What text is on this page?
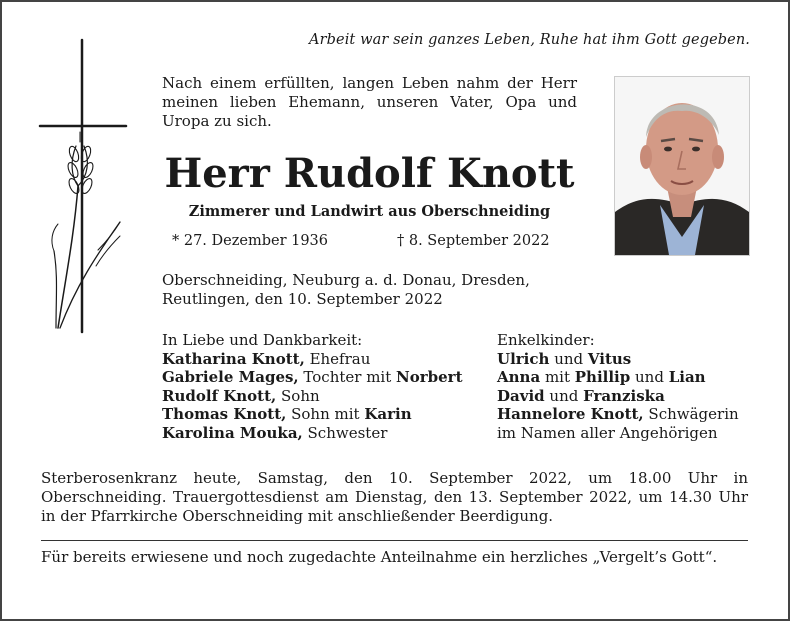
Arbeit war sein ganzes Leben, Ruhe hat ihm Gott gegeben.
Nach einem erfüllten, langen Leben nahm der Herr meinen lieben Ehemann, unseren Vater, Opa und Uropa zu sich.
Herr Rudolf Knott
Zimmerer und Landwirt aus Oberschneiding
* 27. Dezember 1936	† 8. September 2022
Oberschneiding, Neuburg a. d. Donau, Dresden,
Reutlingen, den 10. September 2022
In Liebe und Dankbarkeit:
Katharina Knott, Ehefrau
Gabriele Mages, Tochter mit Norbert
Rudolf Knott, Sohn
Thomas Knott, Sohn mit Karin
Karolina Mouka, Schwester
Enkelkinder:
Ulrich und Vitus
Anna mit Phillip und Lian
David und Franziska
Hannelore Knott, Schwägerin
im Namen aller Angehörigen
Sterberosenkranz heute, Samstag, den 10. September 2022, um 18.00 Uhr in Oberschneiding. Trauergottesdienst am Dienstag, den 13. September 2022, um 14.30 Uhr in der Pfarrkirche Oberschneiding mit anschließender Beerdigung.
Für bereits erwiesene und noch zugedachte Anteilnahme ein herzliches „Vergelt’s Gott“.
